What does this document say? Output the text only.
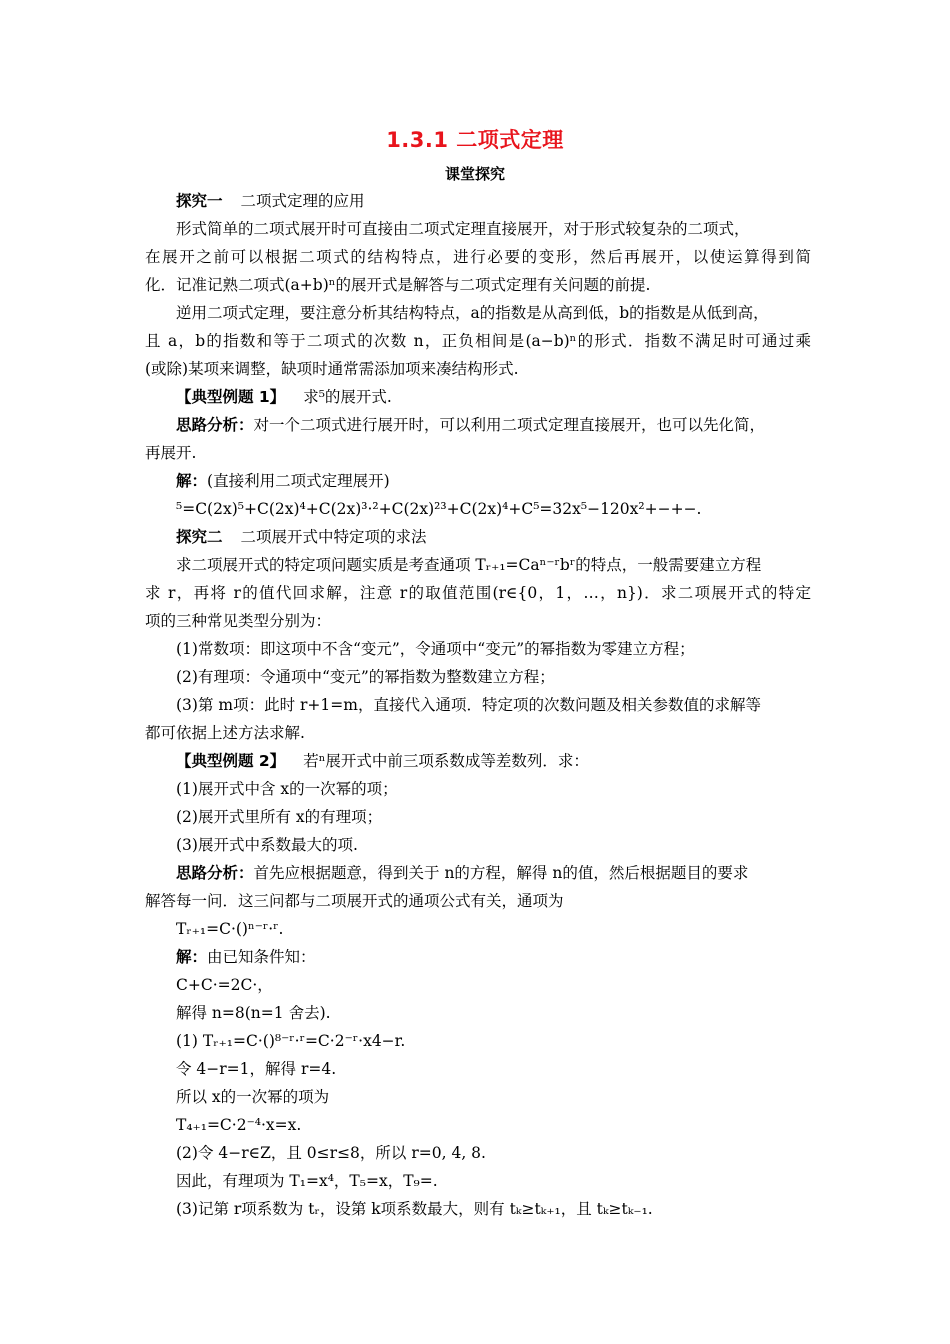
1.3.1 二项式定理
课堂探究
探究一 二项式定理的应用
形式简单的二项式展开时可直接由二项式定理直接展开，对于形式较复杂的二项式，
在展开之前可以根据二项式的结构特点，进行必要的变形，然后再展开，以使运算得到简
化．记准记熟二项式(a+b)ⁿ的展开式是解答与二项式定理有关问题的前提.
逆用二项式定理，要注意分析其结构特点，a的指数是从高到低，b的指数是从低到高，
且 a，b的指数和等于二项式的次数 n，正负相间是(a−b)ⁿ的形式．指数不满足时可通过乘
(或除)某项来调整，缺项时通常需添加项来凑结构形式.
【典型例题 1】 求⁵的展开式.
思路分析：对一个二项式进行展开时，可以利用二项式定理直接展开，也可以先化简，
再展开.
解：(直接利用二项式定理展开)
⁵=C(2x)⁵+C(2x)⁴+C(2x)³·²+C(2x)²³+C(2x)⁴+C⁵=32x⁵−120x²+−+−.
探究二 二项展开式中特定项的求法
求二项展开式的特定项问题实质是考查通项 Tᵣ₊₁=Caⁿ⁻ʳbʳ的特点，一般需要建立方程
求 r，再将 r的值代回求解，注意 r的取值范围(r∈{0，1，…，n})．求二项展开式的特定
项的三种常见类型分别为：
(1)常数项：即这项中不含“变元”，令通项中“变元”的幂指数为零建立方程；
(2)有理项：令通项中“变元”的幂指数为整数建立方程；
(3)第 m项：此时 r+1=m，直接代入通项．特定项的次数问题及相关参数值的求解等
都可依据上述方法求解.
【典型例题 2】 若ⁿ展开式中前三项系数成等差数列．求：
(1)展开式中含 x的一次幂的项；
(2)展开式里所有 x的有理项；
(3)展开式中系数最大的项.
思路分析：首先应根据题意，得到关于 n的方程，解得 n的值，然后根据题目的要求
解答每一问．这三问都与二项展开式的通项公式有关，通项为
Tᵣ₊₁=C·()ⁿ⁻ʳ·ʳ.
解：由已知条件知：
C+C·=2C·，
解得 n=8(n=1 舍去).
(1) Tᵣ₊₁=C·()⁸⁻ʳ·ʳ=C·2⁻ʳ·x4−r.
令 4−r=1，解得 r=4.
所以 x的一次幂的项为
T₄₊₁=C·2⁻⁴·x=x.
(2)令 4−r∈Z，且 0≤r≤8，所以 r=0, 4, 8.
因此，有理项为 T₁=x⁴，T₅=x，T₉=.
(3)记第 r项系数为 tᵣ，设第 k项系数最大，则有 tₖ≥tₖ₊₁，且 tₖ≥tₖ₋₁.
